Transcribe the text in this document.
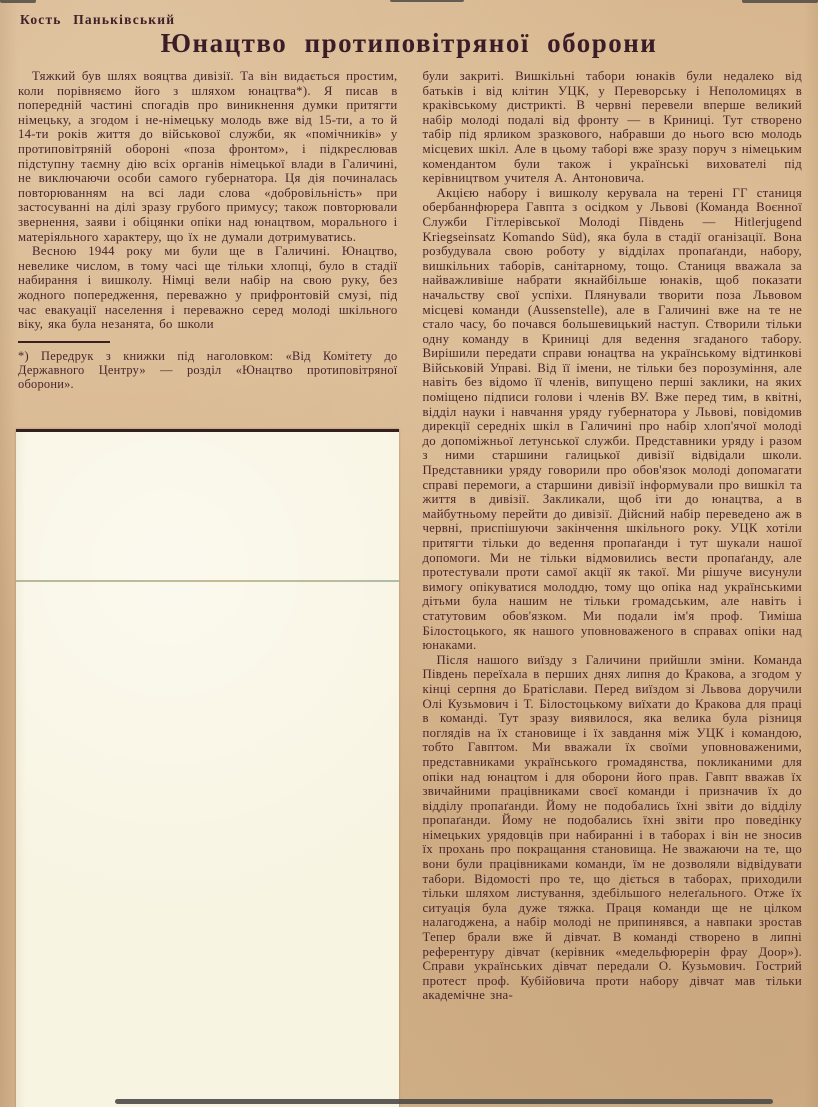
Кость Паньківський
Юнацтво протиповітряної оборони

Тяжкий був шлях вояцтва дивізії. Та він видається простим, коли порівняємо його з шляхом юнацтва*). Я писав в попередній частині спогадів про виникнення думки притягти німецьку, а згодом і не-німецьку молодь вже від 15-ти, а то й 14-ти років життя до військової служби, як «помічників» у протиповітряній обороні «поза фронтом», і підкреслював підступну таємну дію всіх органів німецької влади в Галичині, не виключаючи особи самого губернатора. Ця дія починалась повторюванням на всі лади слова «добровільність» при застосуванні на ділі зразу грубого примусу; також повторювали звернення, заяви і обіцянки опіки над юнацтвом, морального і матеріяльного характеру, що їх не думали дотримуватись.

Весною 1944 року ми були ще в Галичині. Юнацтво, невелике числом, в тому часі ще тільки хлопці, було в стадії набирання і вишколу. Німці вели набір на свою руку, без жодного попередження, переважно у прифронтовій смузі, під час евакуації населення і переважно серед молоді шкільного віку, яка була незанята, бо школи

*) Передрук з книжки під наголовком: «Від Комітету до Державного Центру» — розділ «Юнацтво протиповітряної оборони».

були закриті. Вишкільні табори юнаків були недалеко від батьків і від клітин УЦК, у Переворську і Неполомицях в краківському дистрикті. В червні перевели вперше великий набір молоді подалі від фронту — в Криниці. Тут створено табір під ярликом зразкового, набравши до нього всю молодь місцевих шкіл. Але в цьому таборі вже зразу поруч з німецьким комендантом були також і українські вихователі під керівництвом учителя А. Антоновича.

Акцією набору і вишколу керувала на терені ГГ станиця обербаннфюрера Гавпта з осідком у Львові (Команда Воєнної Служби Гітлерівської Молоді Південь — Hitlerjugend Kriegseinsatz Komando Süd), яка була в стадії оганізації. Вона розбудувала свою роботу у відділах пропаґанди, набору, вишкільних таборів, санітарному, тощо. Станиця вважала за найважливіше набрати якнайбільше юнаків, щоб показати начальству свої успіхи. Плянували творити поза Львовом місцеві команди (Aussenstelle), але в Галичині вже на те не стало часу, бо почався большевицький наступ. Створили тільки одну команду в Криниці для ведення згаданого табору. Вирішили передати справи юнацтва на українському відтинкові Військовій Управі. Від її імени, не тільки без порозуміння, але навіть без відомо її членів, випущено перші заклики, на яких поміщено підписи голови і членів ВУ. Вже перед тим, в квітні, відділ науки і навчання уряду губернатора у Львові, повідомив дирекції середніх шкіл в Галичині про набір хлоп'ячої молоді до допоміжньої летунської служби. Представники уряду і разом з ними старшини галицької дивізії відвідали школи. Представники уряду говорили про обов'язок молоді допомагати справі перемоги, а старшини дивізії інформували про вишкіл та життя в дивізії. Закликали, щоб іти до юнацтва, а в майбутньому перейти до дивізії. Дійсний набір переведено аж в червні, приспішуючи закінчення шкільного року. УЦК хотіли притягти тільки до ведення пропаґанди і тут шукали нашої допомоги. Ми не тільки відмовились вести пропаґанду, але протестували проти самої акції як такої. Ми рішуче висунули вимогу опікуватися молоддю, тому що опіка над українськими дітьми була нашим не тільки громадським, але навіть і статутовим обов'язком. Ми подали ім'я проф. Тиміша Білостоцького, як нашого уповноваженого в справах опіки над юнаками.

Після нашого виїзду з Галичини прийшли зміни. Команда Південь переїхала в перших днях липня до Кракова, а згодом у кінці серпня до Братіслави. Перед виїздом зі Львова доручили Олі Кузьмович і Т. Білостоцькому виїхати до Кракова для праці в команді. Тут зразу виявилося, яка велика була різниця поглядів на їх становище і їх завдання між УЦК і командою, тобто Гавптом. Ми вважали їх своїми уповноваженими, представниками українського громадянства, покликаними для опіки над юнацтом і для оборони його прав. Гавпт вважав їх звичайними працівниками своєї команди і призначив їх до відділу пропаґанди. Йому не подобались їхні звіти до відділу пропаґанди. Йому не подобались їхні звіти про поведінку німецьких урядовців при набиранні і в таборах і він не зносив їх прохань про покращання становища. Не зважаючи на те, що вони були працівниками команди, їм не дозволяли відвідувати табори. Відомості про те, що діється в таборах, приходили тільки шляхом листування, здебільшого нелеґального. Отже їх ситуація була дуже тяжка. Праця команди ще не цілком налагоджена, а набір молоді не припинявся, а навпаки зростав Тепер брали вже й дівчат. В команді створено в липні референтуру дівчат (керівник «медельфюрерін фрау Доор»). Справи українських дівчат передали О. Кузьмович. Гострий протест проф. Кубійовича проти набору дівчат мав тільки академічне зна-
